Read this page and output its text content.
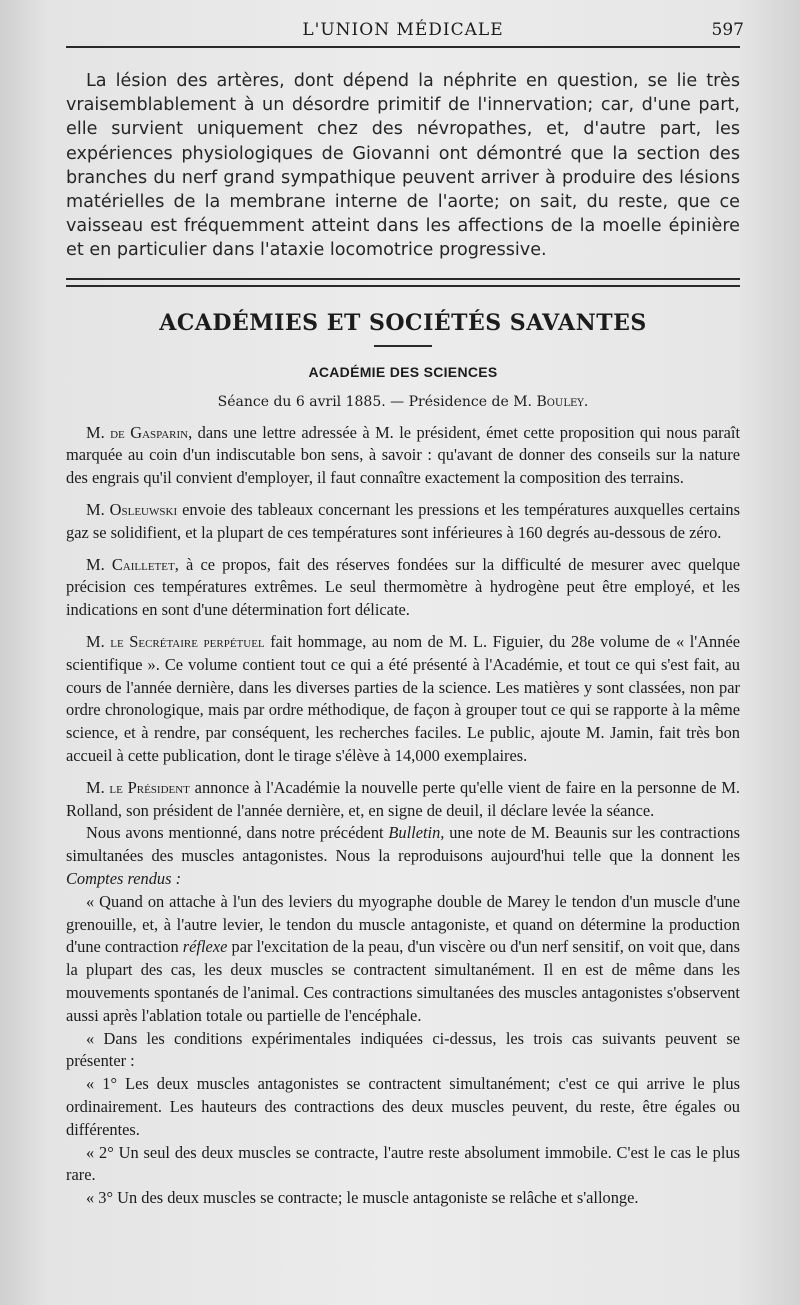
L'UNION MÉDICALE	597

La lésion des artères, dont dépend la néphrite en question, se lie très vraisemblablement à un désordre primitif de l'innervation; car, d'une part, elle survient uniquement chez des névropathes, et, d'autre part, les expériences physiologiques de Giovanni ont démontré que la section des branches du nerf grand sympathique peuvent arriver à produire des lésions matérielles de la membrane interne de l'aorte; on sait, du reste, que ce vaisseau est fréquemment atteint dans les affections de la moelle épinière et en particulier dans l'ataxie locomotrice progressive.

ACADÉMIES ET SOCIÉTÉS SAVANTES
ACADÉMIE DES SCIENCES
Séance du 6 avril 1885. — Présidence de M. Bouley.

M. de Gasparin, dans une lettre adressée à M. le président, émet cette proposition qui nous paraît marquée au coin d'un indiscutable bon sens, à savoir : qu'avant de donner des conseils sur la nature des engrais qu'il convient d'employer, il faut connaître exactement la composition des terrains.

M. Osleuwski envoie des tableaux concernant les pressions et les températures auxquelles certains gaz se solidifient, et la plupart de ces températures sont inférieures à 160 degrés au-dessous de zéro.

M. Cailletet, à ce propos, fait des réserves fondées sur la difficulté de mesurer avec quelque précision ces températures extrêmes. Le seul thermomètre à hydrogène peut être employé, et les indications en sont d'une détermination fort délicate.

M. le Secrétaire perpétuel fait hommage, au nom de M. L. Figuier, du 28e volume de « l'Année scientifique ». Ce volume contient tout ce qui a été présenté à l'Académie, et tout ce qui s'est fait, au cours de l'année dernière, dans les diverses parties de la science. Les matières y sont classées, non par ordre chronologique, mais par ordre méthodique, de façon à grouper tout ce qui se rapporte à la même science, et à rendre, par conséquent, les recherches faciles. Le public, ajoute M. Jamin, fait très bon accueil à cette publication, dont le tirage s'élève à 14,000 exemplaires.

M. le Président annonce à l'Académie la nouvelle perte qu'elle vient de faire en la personne de M. Rolland, son président de l'année dernière, et, en signe de deuil, il déclare levée la séance.

Nous avons mentionné, dans notre précédent Bulletin, une note de M. Beaunis sur les contractions simultanées des muscles antagonistes. Nous la reproduisons aujourd'hui telle que la donnent les Comptes rendus :

« Quand on attache à l'un des leviers du myographe double de Marey le tendon d'un muscle d'une grenouille, et, à l'autre levier, le tendon du muscle antagoniste, et quand on détermine la production d'une contraction réflexe par l'excitation de la peau, d'un viscère ou d'un nerf sensitif, on voit que, dans la plupart des cas, les deux muscles se contractent simultanément. Il en est de même dans les mouvements spontanés de l'animal. Ces contractions simultanées des muscles antagonistes s'observent aussi après l'ablation totale ou partielle de l'encéphale.

« Dans les conditions expérimentales indiquées ci-dessus, les trois cas suivants peuvent se présenter :

« 1° Les deux muscles antagonistes se contractent simultanément; c'est ce qui arrive le plus ordinairement. Les hauteurs des contractions des deux muscles peuvent, du reste, être égales ou différentes.

« 2° Un seul des deux muscles se contracte, l'autre reste absolument immobile. C'est le cas le plus rare.

« 3° Un des deux muscles se contracte; le muscle antagoniste se relâche et s'allonge.
